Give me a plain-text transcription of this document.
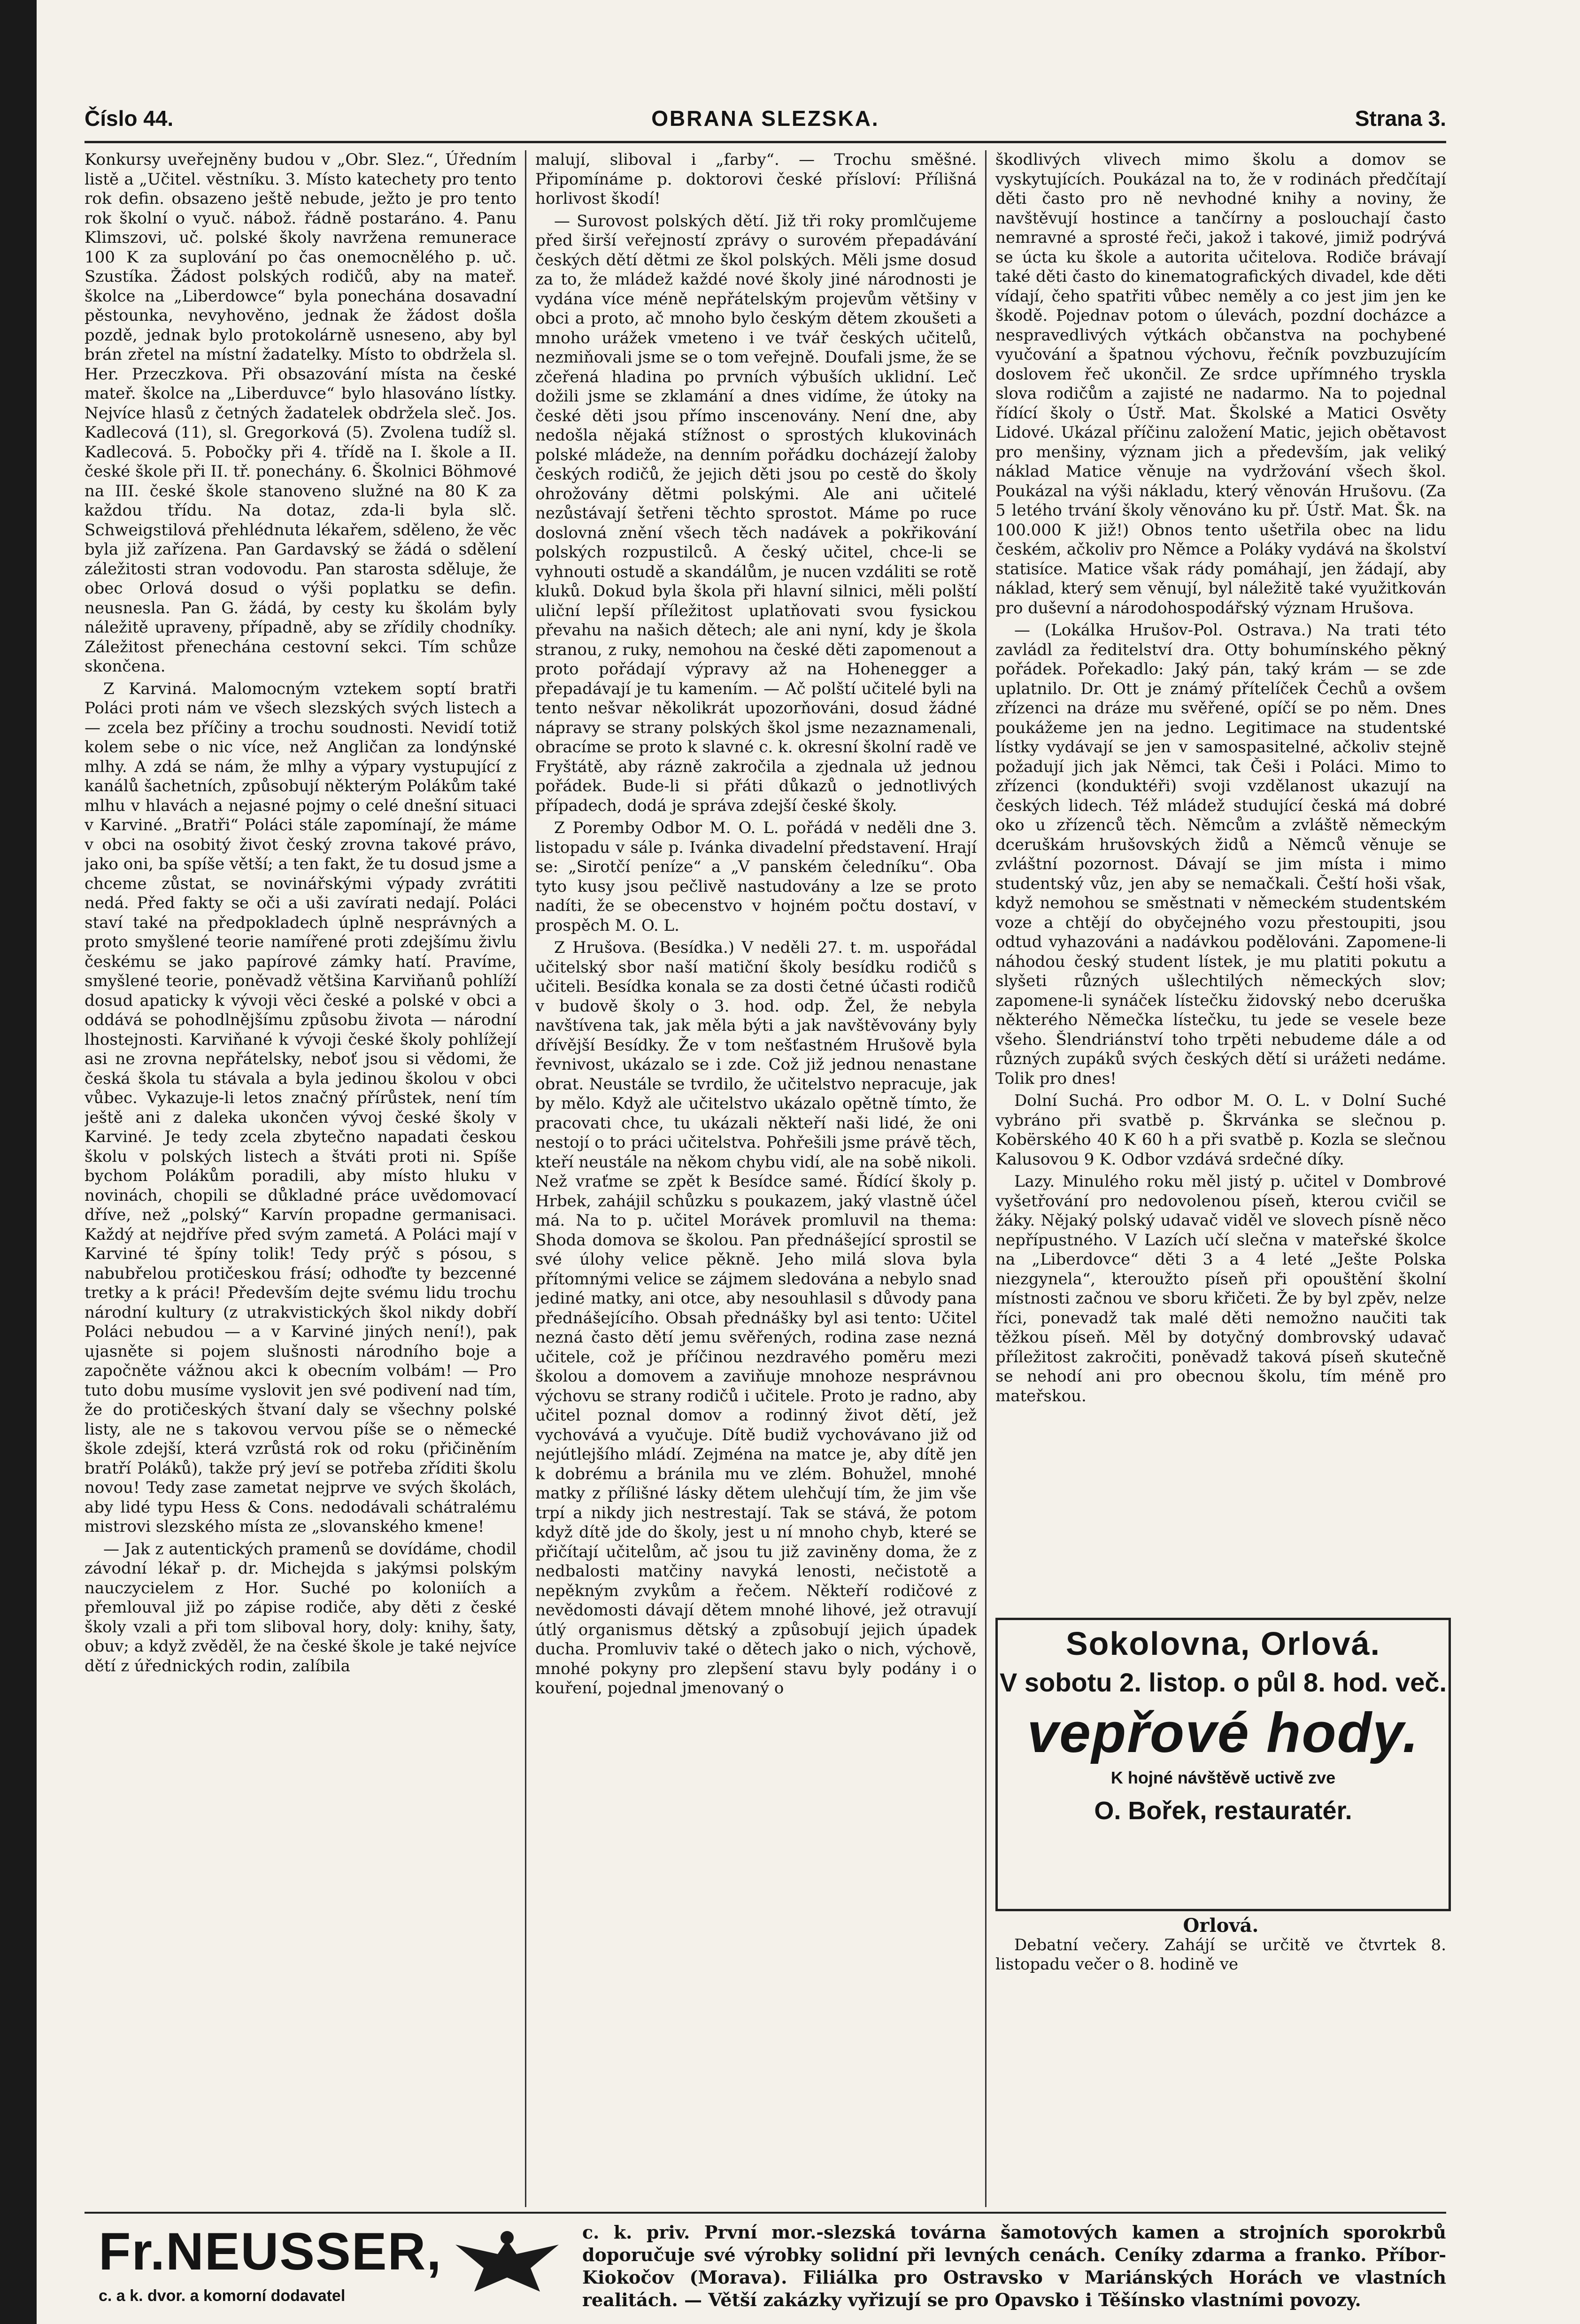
Číslo 44.	OBRANA SLEZSKA.	Strana 3.

Konkursy uveřejněny budou v „Obr. Slez.“, Úředním listě a „Učitel. věstníku. 3. Místo katechety pro tento rok defin. obsazeno ještě nebude, ježto je pro tento rok školní o vyuč. nábož. řádně postaráno. 4. Panu Klimszovi, uč. polské školy navržena remunerace 100 K za suplování po čas onemocnělého p. uč. Szustíka. Žádost polských rodičů, aby na mateř. školce na „Liberdowce“ byla ponechána dosavadní pěstounka, nevyhověno, jednak že žádost došla pozdě, jednak bylo protokolárně usneseno, aby byl brán zřetel na místní žadatelky. Místo to obdržela sl. Her. Przeczkova. Při obsazování místa na české mateř. školce na „Liberduvce“ bylo hlasováno lístky. Nejvíce hlasů z četných žadatelek obdržela sleč. Jos. Kadlecová (11), sl. Gregorková (5). Zvolena tudíž sl. Kadlecová. 5. Pobočky při 4. třídě na I. škole a II. české škole při II. tř. ponechány. 6. Školnici Böhmové na III. české škole stanoveno služné na 80 K za každou třídu. Na dotaz, zda-li byla slč. Schweigstilová přehlédnuta lékařem, sděleno, že věc byla již zařízena. Pan Gardavský se žádá o sdělení záležitosti stran vodovodu. Pan starosta sděluje, že obec Orlová dosud o výši poplatku se defin. neusnesla. Pan G. žádá, by cesty ku školám byly náležitě upraveny, případně, aby se zřídily chodníky. Záležitost přenechána cestovní sekci. Tím schůze skončena.

Z Karviná. Malomocným vztekem soptí bratři Poláci proti nám ve všech slezských svých listech a — zcela bez příčiny a trochu soudnosti. Nevidí totiž kolem sebe o nic více, než Angličan za londýnské mlhy. A zdá se nám, že mlhy a výpary vystupující z kanálů šachetních, způsobují některým Polákům také mlhu v hlavách a nejasné pojmy o celé dnešní situaci v Karviné. „Bratři“ Poláci stále zapomínají, že máme v obci na osobitý život český zrovna takové právo, jako oni, ba spíše větší; a ten fakt, že tu dosud jsme a chceme zůstat, se novinářskými výpady zvrátiti nedá. Před fakty se oči a uši zavírati nedají. Poláci staví také na předpokladech úplně nesprávných a proto smyšlené teorie namířené proti zdejšímu živlu českému se jako papírové zámky hatí. Pravíme, smyšlené teorie, poněvadž většina Karviňanů pohlíží dosud apaticky k vývoji věci české a polské v obci a oddává se pohodlnějšímu způsobu života — národní lhostejnosti. Karviňané k vývoji české školy pohlížejí asi ne zrovna nepřátelsky, neboť jsou si vědomi, že česká škola tu stávala a byla jedinou školou v obci vůbec. Vykazuje-li letos značný přírůstek, není tím ještě ani z daleka ukončen vývoj české školy v Karviné. Je tedy zcela zbytečno napadati českou školu v polských listech a štváti proti ni. Spíše bychom Polákům poradili, aby místo hluku v novinách, chopili se důkladné práce uvědomovací dříve, než „polský“ Karvín propadne germanisaci. Každý at nejdříve před svým zametá. A Poláci mají v Karviné té špíny tolik! Tedy prýč s pósou, s nabubřelou protičeskou frásí; odhoďte ty bezcenné tretky a k práci! Především dejte svému lidu trochu národní kultury (z utrakvistických škol nikdy dobří Poláci nebudou — a v Karviné jiných není!), pak ujasněte si pojem slušnosti národního boje a započněte vážnou akci k obecním volbám! — Pro tuto dobu musíme vyslovit jen své podivení nad tím, že do protičeských štvaní daly se všechny polské listy, ale ne s takovou vervou píše se o německé škole zdejší, která vzrůstá rok od roku (přičiněním bratří Poláků), takže prý jeví se potřeba zříditi školu novou! Tedy zase zametat nejprve ve svých školách, aby lidé typu Hess & Cons. nedodávali schátralému mistrovi slezského místa ze „slovanského kmene!

— Jak z autentických pramenů se dovídáme, chodil závodní lékař p. dr. Michejda s jakýmsi polským nauczycielem z Hor. Suché po koloniích a přemlouval již po zápise rodiče, aby děti z české školy vzali a při tom sliboval hory, doly: knihy, šaty, obuv; a když zvěděl, že na české škole je také nejvíce dětí z úřednických rodin, zalíbila

malují, sliboval i „farby“. — Trochu směšné. Připomínáme p. doktorovi české přísloví: Přílišná horlivost škodí!

— Surovost polských dětí. Již tři roky promlčujeme před širší veřejností zprávy o surovém přepadávání českých dětí dětmi ze škol polských. Měli jsme dosud za to, že mládež každé nové školy jiné národnosti je vydána více méně nepřátelským projevům většiny v obci a proto, ač mnoho bylo českým dětem zkoušeti a mnoho urážek vmeteno i ve tvář českých učitelů, nezmiňovali jsme se o tom veřejně. Doufali jsme, že se zčeřená hladina po prvních výbuších uklidní. Leč dožili jsme se zklamání a dnes vidíme, že útoky na české děti jsou přímo inscenovány. Není dne, aby nedošla nějaká stížnost o sprostých klukovinách polské mládeže, na denním pořádku docházejí žaloby českých rodičů, že jejich děti jsou po cestě do školy ohrožovány dětmi polskými. Ale ani učitelé nezůstávají šetřeni těchto sprostot. Máme po ruce doslovná znění všech těch nadávek a pokřikování polských rozpustilců. A český učitel, chce-li se vyhnouti ostudě a skandálům, je nucen vzdáliti se rotě kluků. Dokud byla škola při hlavní silnici, měli polští uliční lepší příležitost uplatňovati svou fysickou převahu na našich dětech; ale ani nyní, kdy je škola stranou, z ruky, nemohou na české děti zapomenout a proto pořádají výpravy až na Hohenegger a přepadávají je tu kamením. — Ač polští učitelé byli na tento nešvar několikrát upozorňováni, dosud žádné nápravy se strany polských škol jsme nezaznamenali, obracíme se proto k slavné c. k. okresní školní radě ve Fryštátě, aby rázně zakročila a zjednala už jednou pořádek. Bude-li si přáti důkazů o jednotlivých případech, dodá je správa zdejší české školy.

Z Poremby Odbor M. O. L. pořádá v neděli dne 3. listopadu v sále p. Ivánka divadelní představení. Hrají se: „Sirotčí peníze“ a „V panském čeledníku“. Oba tyto kusy jsou pečlivě nastudovány a lze se proto nadíti, že se obecenstvo v hojném počtu dostaví, v prospěch M. O. L.

Z Hrušova. (Besídka.) V neděli 27. t. m. uspořádal učitelský sbor naší matiční školy besídku rodičů s učiteli. Besídka konala se za dosti četné účasti rodičů v budově školy o 3. hod. odp. Žel, že nebyla navštívena tak, jak měla býti a jak navštěvovány byly dřívější Besídky. Že v tom nešťastném Hrušově byla řevnivost, ukázalo se i zde. Což již jednou nenastane obrat. Neustále se tvrdilo, že učitelstvo nepracuje, jak by mělo. Když ale učitelstvo ukázalo opětně tímto, že pracovati chce, tu ukázali někteří naši lidé, že oni nestojí o to práci učitelstva. Pohřešili jsme právě těch, kteří neustále na někom chybu vidí, ale na sobě nikoli. Než vraťme se zpět k Besídce samé. Řídící školy p. Hrbek, zahájil schůzku s poukazem, jaký vlastně účel má. Na to p. učitel Morávek promluvil na thema: Shoda domova se školou. Pan přednášející sprostil se své úlohy velice pěkně. Jeho milá slova byla přítomnými velice se zájmem sledována a nebylo snad jediné matky, ani otce, aby nesouhlasil s důvody pana přednášejícího. Obsah přednášky byl asi tento: Učitel nezná často dětí jemu svěřených, rodina zase nezná učitele, což je příčinou nezdravého poměru mezi školou a domovem a zaviňuje mnohoze nesprávnou výchovu se strany rodičů i učitele. Proto je radno, aby učitel poznal domov a rodinný život dětí, jež vychovává a vyučuje. Dítě budiž vychovávano již od nejútlejšího mládí. Zejména na matce je, aby dítě jen k dobrému a bránila mu ve zlém. Bohužel, mnohé matky z přílišné lásky dětem ulehčují tím, že jim vše trpí a nikdy jich nestrestají. Tak se stává, že potom když dítě jde do školy, jest u ní mnoho chyb, které se přičítají učitelům, ač jsou tu již zaviněny doma, že z nedbalosti matčiny navyká lenosti, nečistotě a nepěkným zvykům a řečem. Někteří rodičové z nevědomosti dávají dětem mnohé lihové, jež otravují útlý organismus dětský a způsobují jejich úpadek ducha. Promluviv také o dětech jako o nich, výchově, mnohé pokyny pro zlepšení stavu byly podány i o kouření, pojednal jmenovaný o

škodlivých vlivech mimo školu a domov se vyskytujících. Poukázal na to, že v rodinách předčítají děti často pro ně nevhodné knihy a noviny, že navštěvují hostince a tančírny a poslouchají často nemravné a sprosté řeči, jakož i takové, jimiž podrývá se úcta ku škole a autorita učitelova. Rodiče brávají také děti často do kinematografických divadel, kde děti vídají, čeho spatřiti vůbec neměly a co jest jim jen ke škodě. Pojednav potom o úlevách, pozdní docházce a nespravedlivých výtkách občanstva na pochybené vyučování a špatnou výchovu, řečník povzbuzujícím doslovem řeč ukončil. Ze srdce upřímného tryskla slova rodičům a zajisté ne nadarmo. Na to pojednal řídící školy o Ústř. Mat. Školské a Matici Osvěty Lidové. Ukázal příčinu založení Matic, jejich obětavost pro menšiny, význam jich a především, jak veliký náklad Matice věnuje na vydržování všech škol. Poukázal na výši nákladu, který věnován Hrušovu. (Za 5 letého trvání školy věnováno ku př. Ústř. Mat. Šk. na 100.000 K již!) Obnos tento ušetřila obec na lidu českém, ačkoliv pro Němce a Poláky vydává na školství statisíce. Matice však rády pomáhají, jen žádají, aby náklad, který sem věnují, byl náležitě také využitkován pro duševní a národohospodářský význam Hrušova.

— (Lokálka Hrušov-Pol. Ostrava.) Na trati této zavládl za ředitelství dra. Otty bohumínského pěkný pořádek. Pořekadlo: Jaký pán, taký krám — se zde uplatnilo. Dr. Ott je známý přítelíček Čechů a ovšem zřízenci na dráze mu svěřené, opíčí se po něm. Dnes poukážeme jen na jedno. Legitimace na studentské lístky vydávají se jen v samospasitelné, ačkoliv stejně požadují jich jak Němci, tak Češi i Poláci. Mimo to zřízenci (konduktéři) svoji vzdělanost ukazují na českých lidech. Též mládež studující česká má dobré oko u zřízenců těch. Němcům a zvláště německým dceruškám hrušovských židů a Němců věnuje se zvláštní pozornost. Dávají se jim místa i mimo studentský vůz, jen aby se nemačkali. Čeští hoši však, když nemohou se směstnati v německém studentském voze a chtějí do obyčejného vozu přestoupiti, jsou odtud vyhazováni a nadávkou podělováni. Zapomene-li náhodou český student lístek, je mu platiti pokutu a slyšeti různých ušlechtilých německých slov; zapomene-li synáček lístečku židovský nebo dceruška některého Němečka lístečku, tu jede se vesele beze všeho. Šlendriánství toho trpěti nebudeme dále a od různých zupáků svých českých dětí si urážeti nedáme. Tolik pro dnes!

Dolní Suchá. Pro odbor M. O. L. v Dolní Suché vybráno při svatbě p. Škrvánka se slečnou p. Kobërského 40 K 60 h a při svatbě p. Kozla se slečnou Kalusovou 9 K. Odbor vzdává srdečné díky.

Lazy. Minulého roku měl jistý p. učitel v Dombrové vyšetřování pro nedovolenou píseň, kterou cvičil se žáky. Nějaký polský udavač viděl ve slovech písně něco nepřípustného. V Lazích učí slečna v mateřské školce na „Liberdovce“ děti 3 a 4 leté „Ješte Polska niezgynela“, kteroužto píseň při opouštění školní místnosti začnou ve sboru křičeti. Že by byl zpěv, nelze říci, ponevadž tak malé děti nemožno naučiti tak těžkou píseň. Měl by dotyčný dombrovský udavač příležitost zakročiti, poněvadž taková píseň skutečně se nehodí ani pro obecnou školu, tím méně pro mateřskou.

Sokolovna, Orlová.
V sobotu 2. listop. o půl 8. hod. več.
vepřové hody.
K hojné návštěvě uctivě zve
O. Bořek, restauratér.
Orlová.

Debatní večery. Zahájí se určitě ve čtvrtek 8. listopadu večer o 8. hodině ve

Fr.NEUSSER,
c. a k. dvor. a komorní dodavatel
c. k. priv. První mor.-slezská továrna šamotových kamen a strojních sporokrbů doporučuje své výrobky solidní při levných cenách. Ceníky zdarma a franko. Příbor-Kiokočov (Morava). Filiálka pro Ostravsko v Mariánských Horách ve vlastních realitách. — Větší zakázky vyřizují se pro Opavsko i Těšínsko vlastními povozy.
